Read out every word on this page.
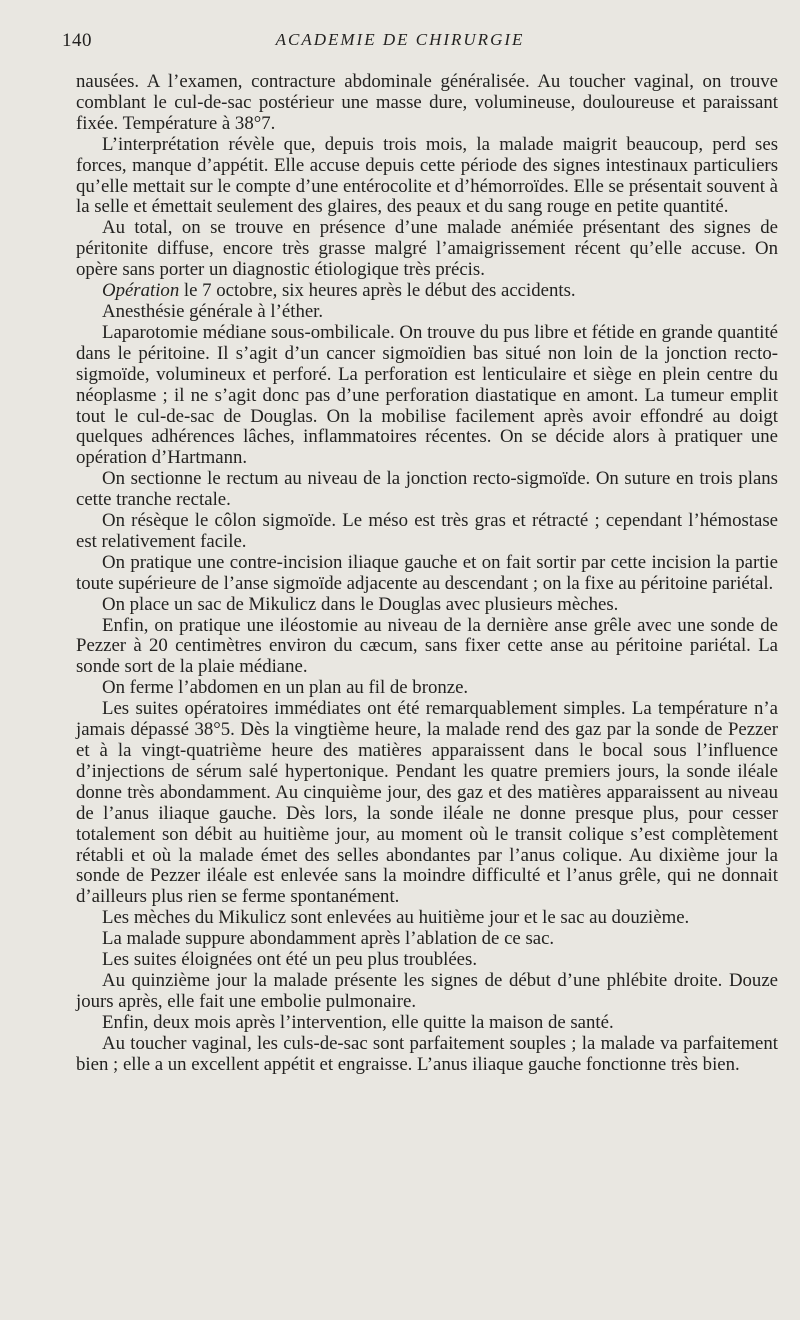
140	ACADEMIE DE CHIRURGIE

nausées. A l’examen, contracture abdominale généralisée. Au toucher vaginal, on trouve comblant le cul-de-sac postérieur une masse dure, volumineuse, douloureuse et paraissant fixée. Température à 38°7.

L’interprétation révèle que, depuis trois mois, la malade maigrit beaucoup, perd ses forces, manque d’appétit. Elle accuse depuis cette période des signes intestinaux particuliers qu’elle mettait sur le compte d’une entérocolite et d’hémorroïdes. Elle se présentait souvent à la selle et émettait seulement des glaires, des peaux et du sang rouge en petite quantité.

Au total, on se trouve en présence d’une malade anémiée présentant des signes de péritonite diffuse, encore très grasse malgré l’amaigrissement récent qu’elle accuse. On opère sans porter un diagnostic étiologique très précis.

Opération le 7 octobre, six heures après le début des accidents.

Anesthésie générale à l’éther.

Laparotomie médiane sous-ombilicale. On trouve du pus libre et fétide en grande quantité dans le péritoine. Il s’agit d’un cancer sigmoïdien bas situé non loin de la jonction recto-sigmoïde, volumineux et perforé. La perforation est lenticulaire et siège en plein centre du néoplasme ; il ne s’agit donc pas d’une perforation diastatique en amont. La tumeur emplit tout le cul-de-sac de Douglas. On la mobilise facilement après avoir effondré au doigt quelques adhérences lâches, inflammatoires récentes. On se décide alors à pratiquer une opération d’Hartmann.

On sectionne le rectum au niveau de la jonction recto-sigmoïde. On suture en trois plans cette tranche rectale.

On résèque le côlon sigmoïde. Le méso est très gras et rétracté ; cependant l’hémostase est relativement facile.

On pratique une contre-incision iliaque gauche et on fait sortir par cette incision la partie toute supérieure de l’anse sigmoïde adjacente au descendant ; on la fixe au péritoine pariétal.

On place un sac de Mikulicz dans le Douglas avec plusieurs mèches.

Enfin, on pratique une iléostomie au niveau de la dernière anse grêle avec une sonde de Pezzer à 20 centimètres environ du cæcum, sans fixer cette anse au péritoine pariétal. La sonde sort de la plaie médiane.

On ferme l’abdomen en un plan au fil de bronze.

Les suites opératoires immédiates ont été remarquablement simples. La température n’a jamais dépassé 38°5. Dès la vingtième heure, la malade rend des gaz par la sonde de Pezzer et à la vingt-quatrième heure des matières apparaissent dans le bocal sous l’influence d’injections de sérum salé hypertonique. Pendant les quatre premiers jours, la sonde iléale donne très abondamment. Au cinquième jour, des gaz et des matières apparaissent au niveau de l’anus iliaque gauche. Dès lors, la sonde iléale ne donne presque plus, pour cesser totalement son débit au huitième jour, au moment où le transit colique s’est complètement rétabli et où la malade émet des selles abondantes par l’anus colique. Au dixième jour la sonde de Pezzer iléale est enlevée sans la moindre difficulté et l’anus grêle, qui ne donnait d’ailleurs plus rien se ferme spontanément.

Les mèches du Mikulicz sont enlevées au huitième jour et le sac au douzième.

La malade suppure abondamment après l’ablation de ce sac.

Les suites éloignées ont été un peu plus troublées.

Au quinzième jour la malade présente les signes de début d’une phlébite droite. Douze jours après, elle fait une embolie pulmonaire.

Enfin, deux mois après l’intervention, elle quitte la maison de santé.

Au toucher vaginal, les culs-de-sac sont parfaitement souples ; la malade va parfaitement bien ; elle a un excellent appétit et engraisse. L’anus iliaque gauche fonctionne très bien.
